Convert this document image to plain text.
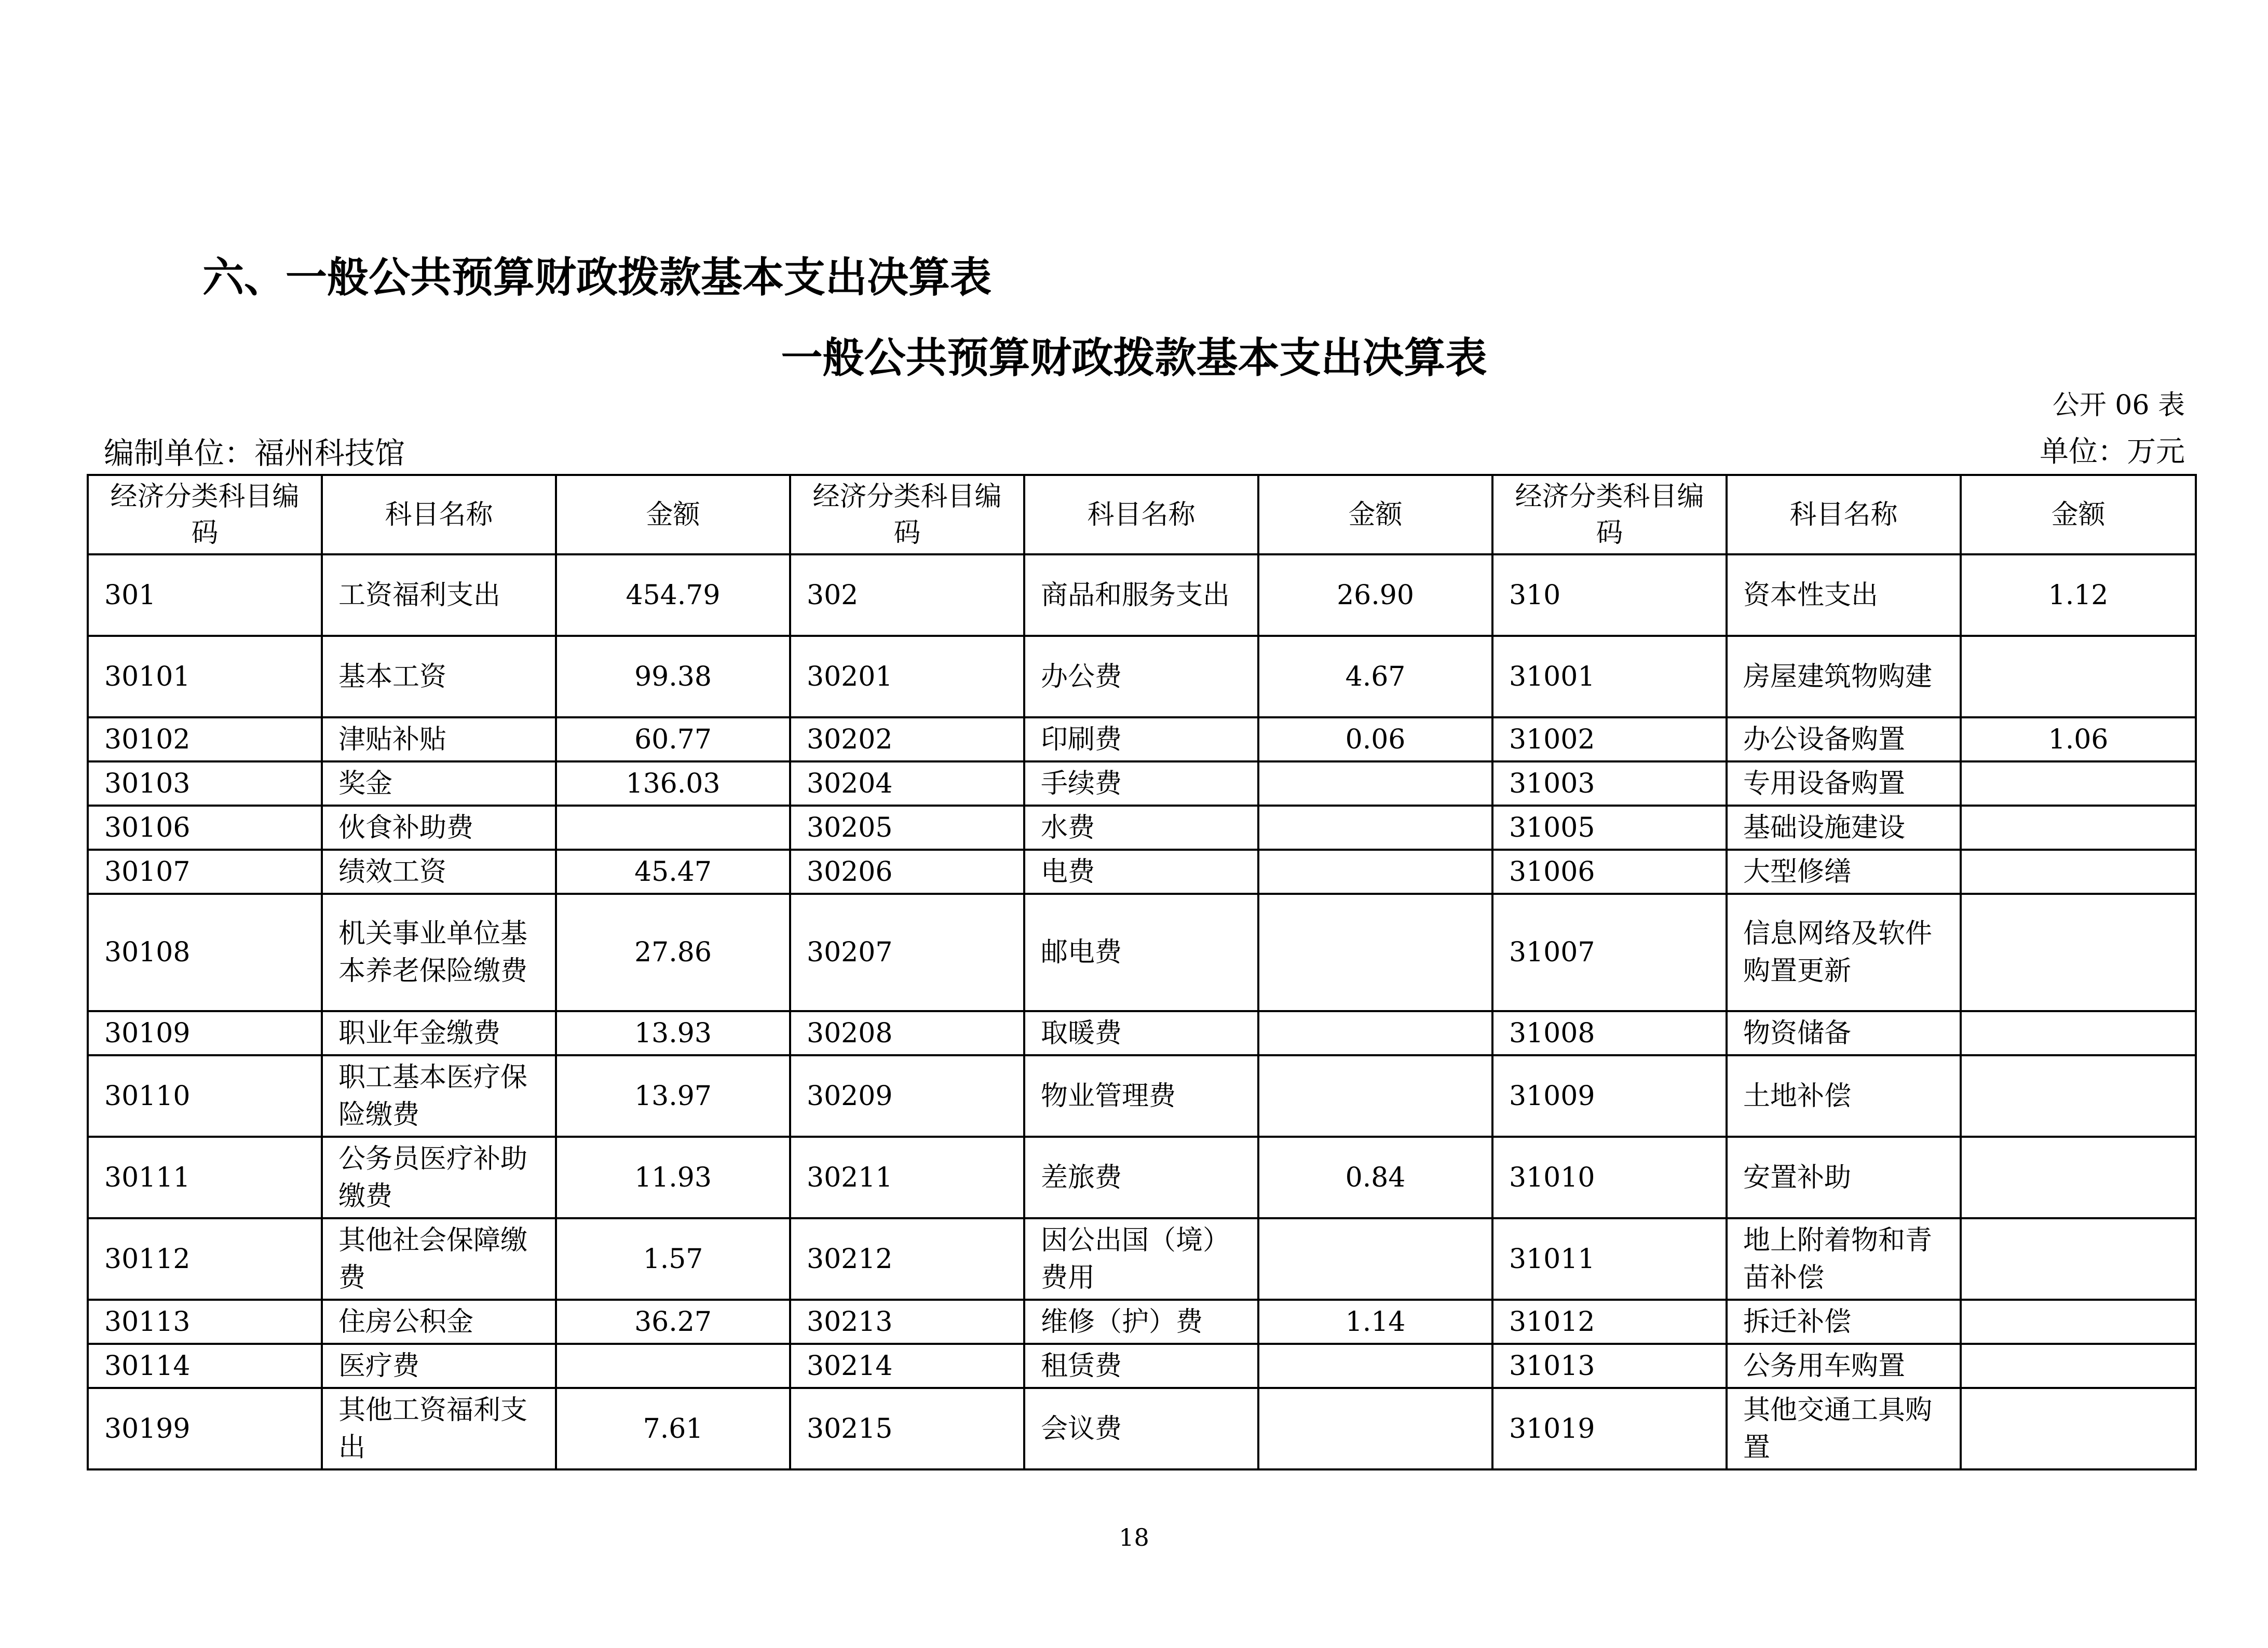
六、一般公共预算财政拨款基本支出决算表
一般公共预算财政拨款基本支出决算表
公开 06 表
编制单位：福州科技馆	单位：万元
经济分类科目编码	科目名称	金额	经济分类科目编码	科目名称	金额	经济分类科目编码	科目名称	金额
301	工资福利支出	454.79	302	商品和服务支出	26.90	310	资本性支出	1.12
30101	基本工资	99.38	30201	办公费	4.67	31001	房屋建筑物购建	
30102	津贴补贴	60.77	30202	印刷费	0.06	31002	办公设备购置	1.06
30103	奖金	136.03	30204	手续费		31003	专用设备购置	
30106	伙食补助费		30205	水费		31005	基础设施建设	
30107	绩效工资	45.47	30206	电费		31006	大型修缮	
30108	机关事业单位基本养老保险缴费	27.86	30207	邮电费		31007	信息网络及软件购置更新	
30109	职业年金缴费	13.93	30208	取暖费		31008	物资储备	
30110	职工基本医疗保险缴费	13.97	30209	物业管理费		31009	土地补偿	
30111	公务员医疗补助缴费	11.93	30211	差旅费	0.84	31010	安置补助	
30112	其他社会保障缴费	1.57	30212	因公出国（境）费用		31011	地上附着物和青苗补偿	
30113	住房公积金	36.27	30213	维修（护）费	1.14	31012	拆迁补偿	
30114	医疗费		30214	租赁费		31013	公务用车购置	
30199	其他工资福利支出	7.61	30215	会议费		31019	其他交通工具购置	
18
